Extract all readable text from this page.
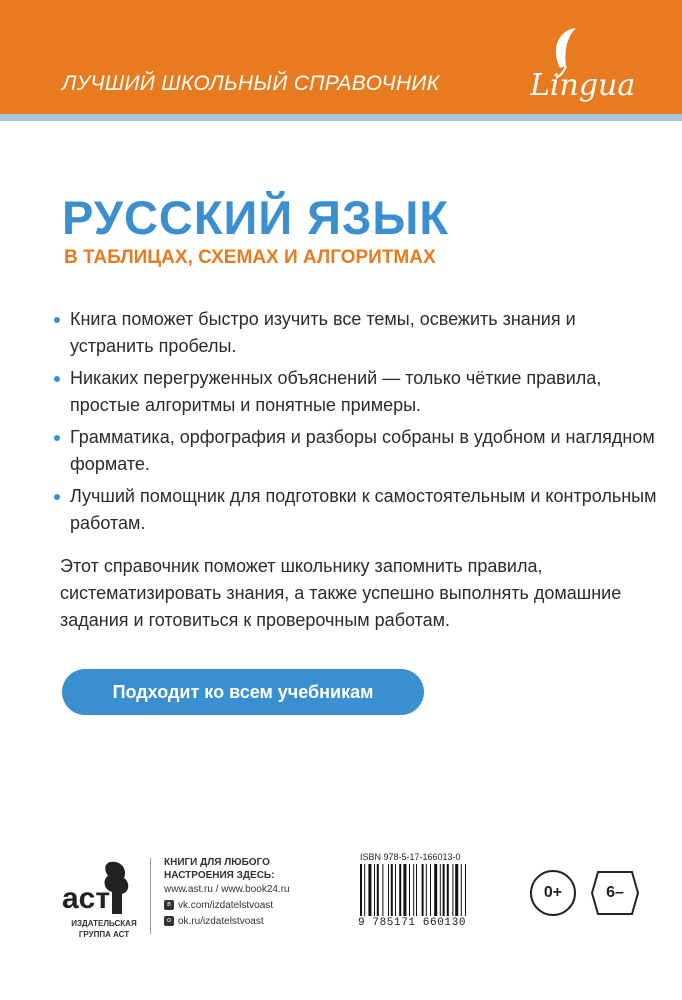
ЛУЧШИЙ ШКОЛЬНЫЙ СПРАВОЧНИК	Lingua
РУССКИЙ ЯЗЫК
В ТАБЛИЦАХ, СХЕМАХ И АЛГОРИТМАХ
Книга поможет быстро изучить все темы, освежить знания и устранить пробелы.
Никаких перегруженных объяснений — только чёткие правила, простые алгоритмы и понятные примеры.
Грамматика, орфография и разборы собраны в удобном и наглядном формате.
Лучший помощник для подготовки к самостоятельным и контрольным работам.
Этот справочник поможет школьнику запомнить правила, систематизировать знания, а также успешно выполнять домашние задания и готовиться к проверочным работам.
Подходит ко всем учебникам
аст
ИЗДАТЕЛЬСКАЯ
ГРУППА АСТ
КНИГИ ДЛЯ ЛЮБОГО
НАСТРОЕНИЯ ЗДЕСЬ:
www.ast.ru / www.book24.ru
в vk.com/izdatelstvoast
о ok.ru/izdatelstvoast
ISBN 978-5-17-166013-0
9 785171 660130
0+	6–
